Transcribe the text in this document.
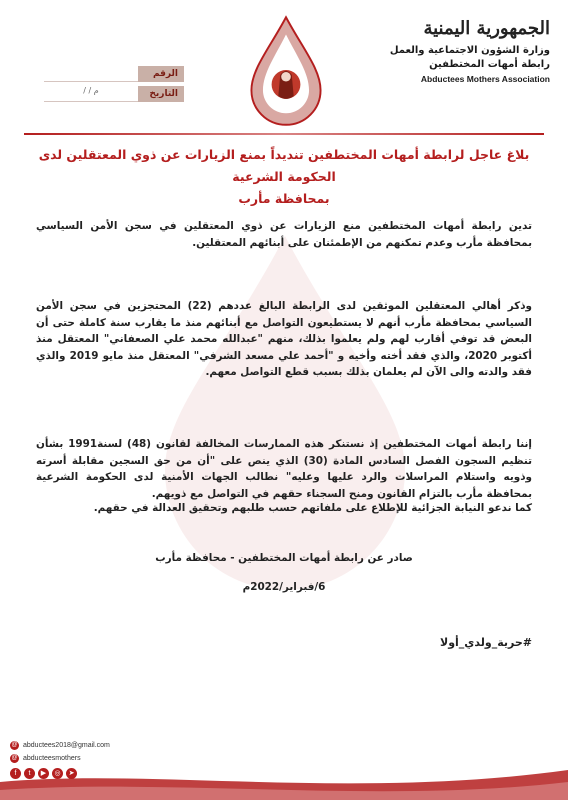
الجمهورية اليمنية
وزارة الشؤون الاجتماعية والعمل
رابطة أمهات المختطفين
Abductees Mothers Association
الرقم
التاريخ
/ / م
بلاغ عاجل لرابطة أمهات المختطفين تنديداً بمنع الزيارات عن ذوي المعتقلين لدى الحكومة الشرعية
بمحافظة مأرب
تدين رابطة أمهات المختطفين منع الزيارات عن ذوي المعتقلين في سجن الأمن السياسي بمحافظة مأرب وعدم تمكنهم من الإطمئنان على أبنائهم المعتقلين.
وذكر أهالي المعتقلين الموثقين لدى الرابطة البالغ عددهم (22) المحتجزين في سجن الأمن السياسي بمحافظة مأرب أنهم لا يستطيعون التواصل مع أبنائهم منذ ما يقارب سنة كاملة حتى أن البعض قد توفي أقارب لهم ولم يعلموا بذلك، منهم "عبدالله محمد علي الصعفاني" المعتقل منذ أكتوبر 2020، والذي فقد أخته وأخيه و "أحمد علي مسعد الشرفي" المعتقل منذ مايو 2019 والذي فقد والدته والى الآن لم يعلمان بذلك بسبب قطع التواصل معهم.
إننا رابطة أمهات المختطفين إذ نستنكر هذه الممارسات المخالفة لقانون (48) لسنة1991 بشأن تنظيم السجون الفصل السادس المادة (30) الذي ينص على "أن من حق السجين مقابلة أسرته وذويه واستلام المراسلات والرد عليها وعليه" نطالب الجهات الأمنية لدى الحكومة الشرعية بمحافظة مأرب بالتزام القانون ومنح السجناء حقهم في التواصل مع ذويهم.
كما ندعو النيابة الجزائية للإطلاع على ملفاتهم حسب طلبهم وتحقيق العدالة في حقهم.
صادر عن رابطة أمهات المختطفين - محافظة مأرب
6/فبراير/2022م
#حرية_ولدي_أولا
@ abductees2018@gmail.com
@ abducteesmothers
f	t	▶	◎	➤
